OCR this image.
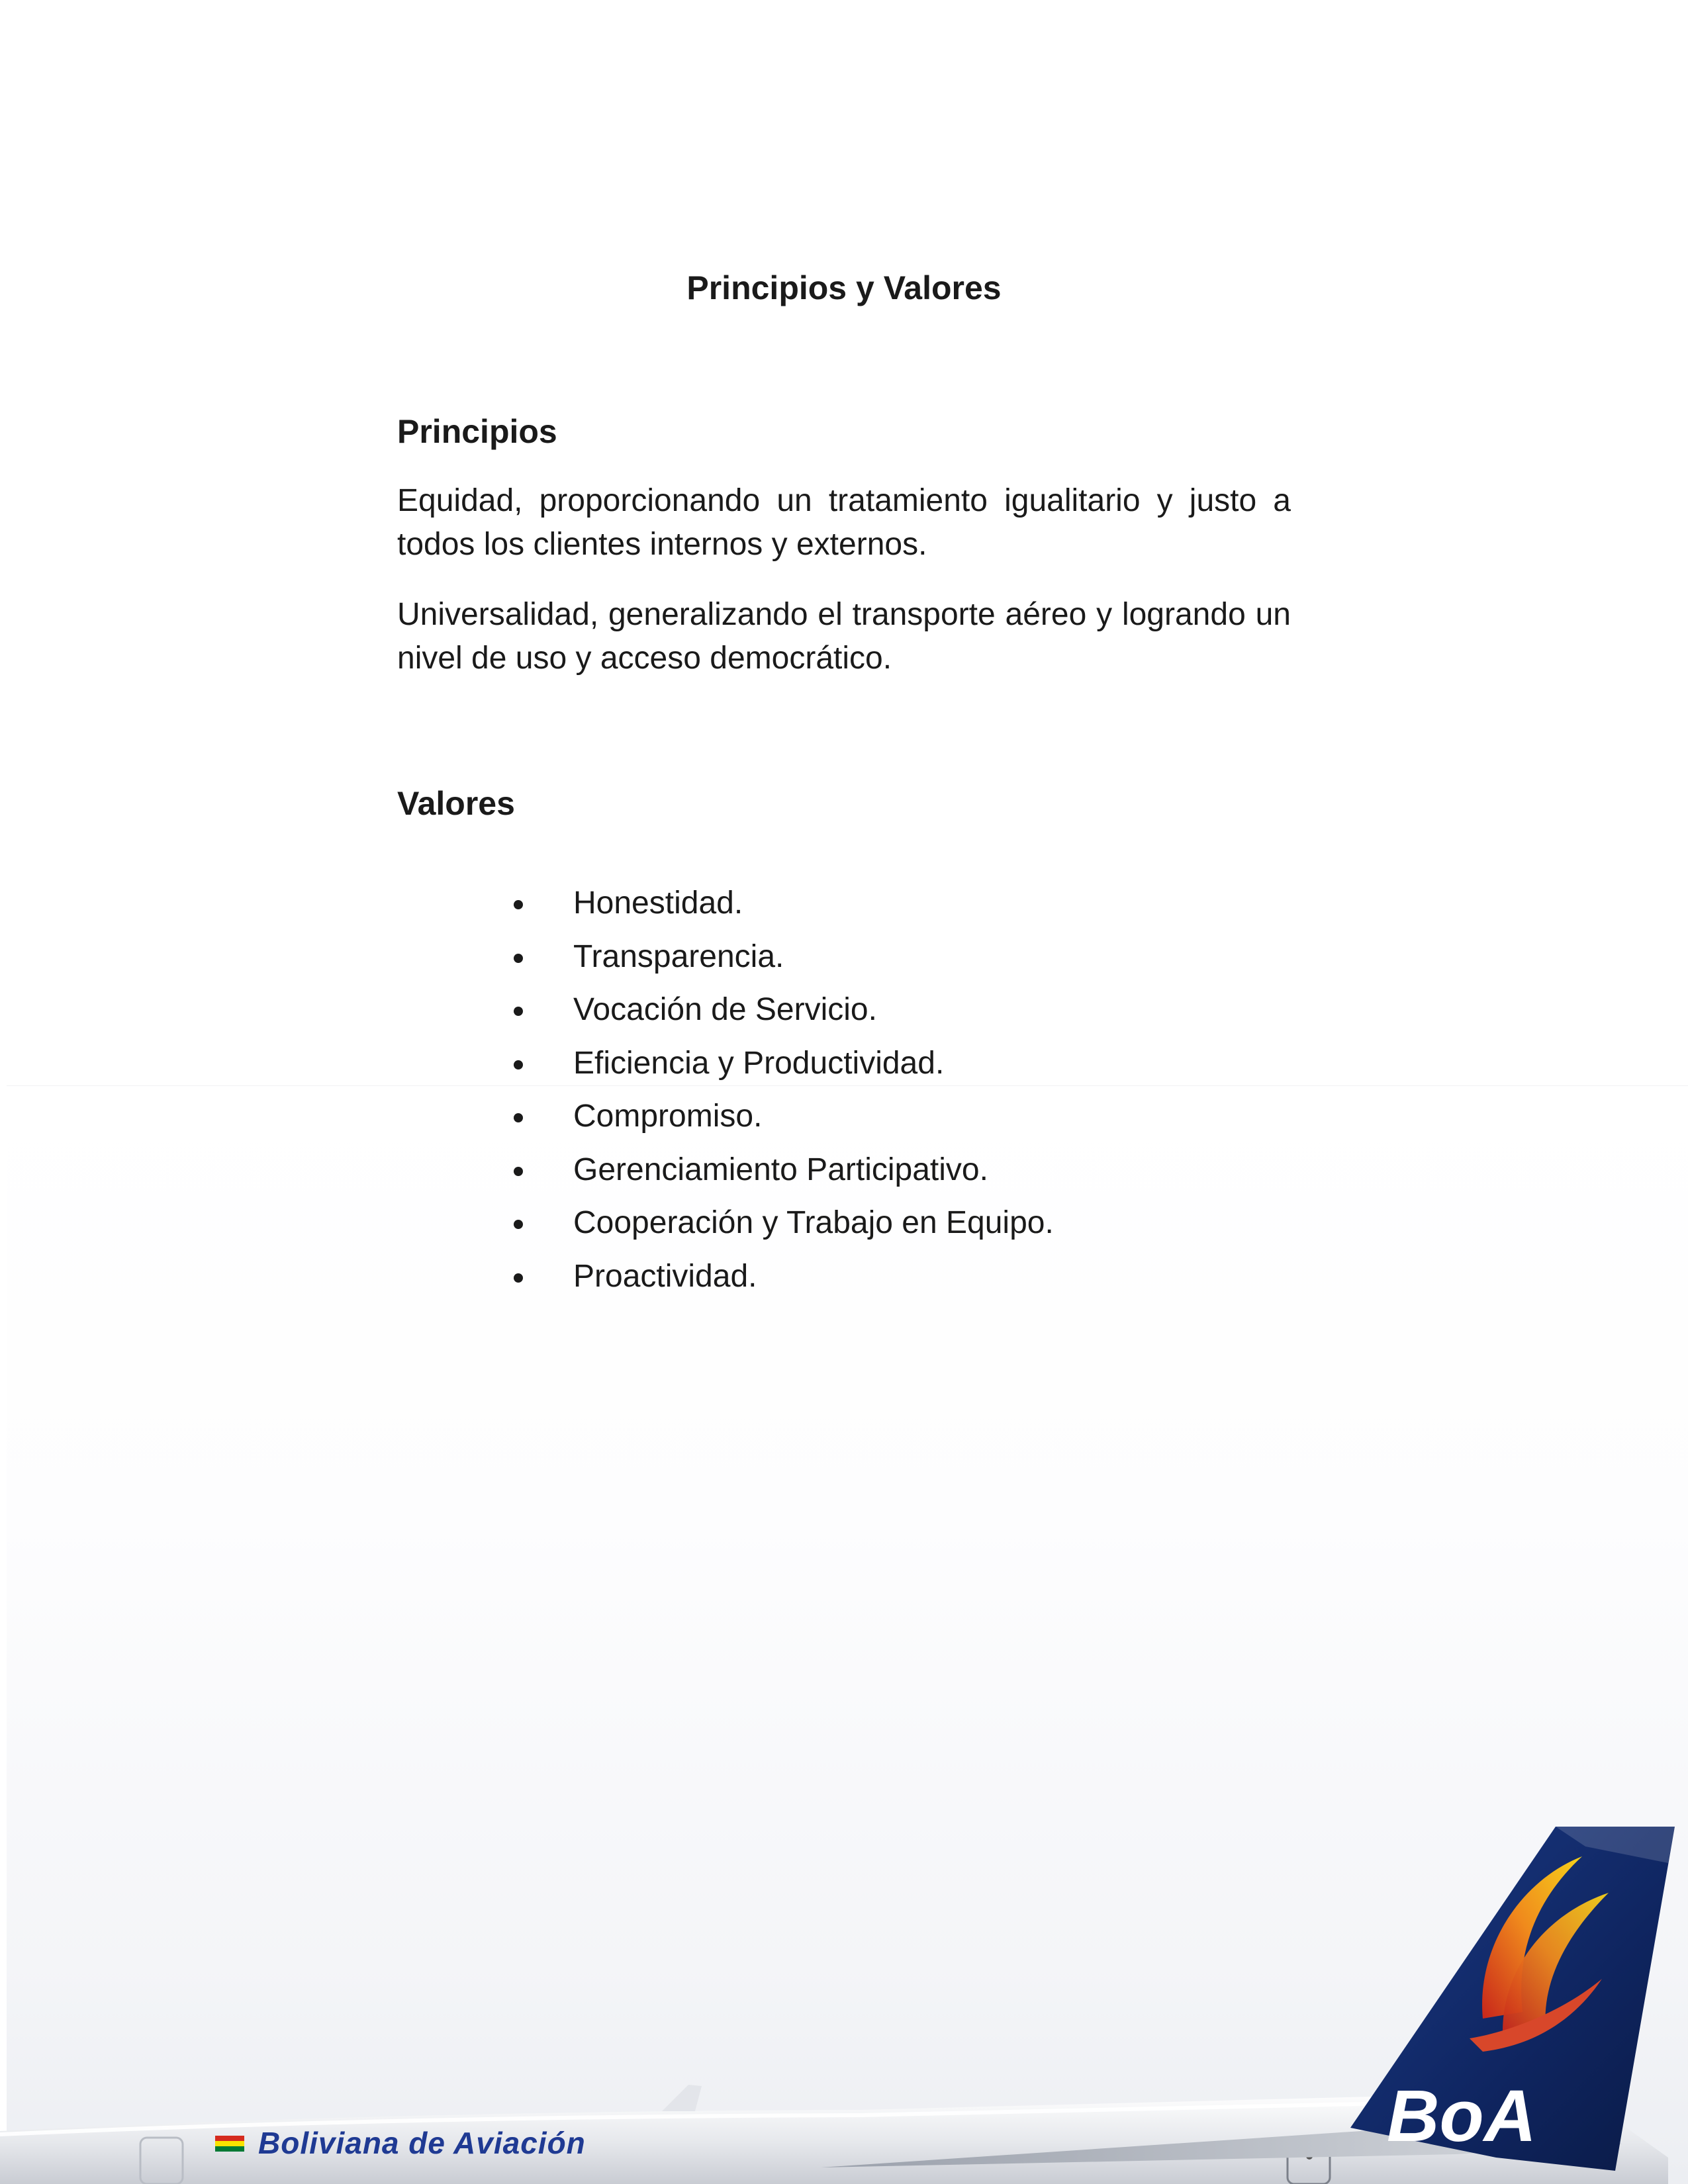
Principios y Valores
Principios
Equidad, proporcionando un tratamiento igualitario y justo a todos los clientes internos y externos.
Universalidad, generalizando el transporte aéreo y logrando un nivel de uso y acceso democrático.
Valores
Honestidad.
Transparencia.
Vocación de Servicio.
Eficiencia y Productividad.
Compromiso.
Gerenciamiento Participativo.
Cooperación y Trabajo en Equipo.
Proactividad.
BoA
Boliviana de Aviación
